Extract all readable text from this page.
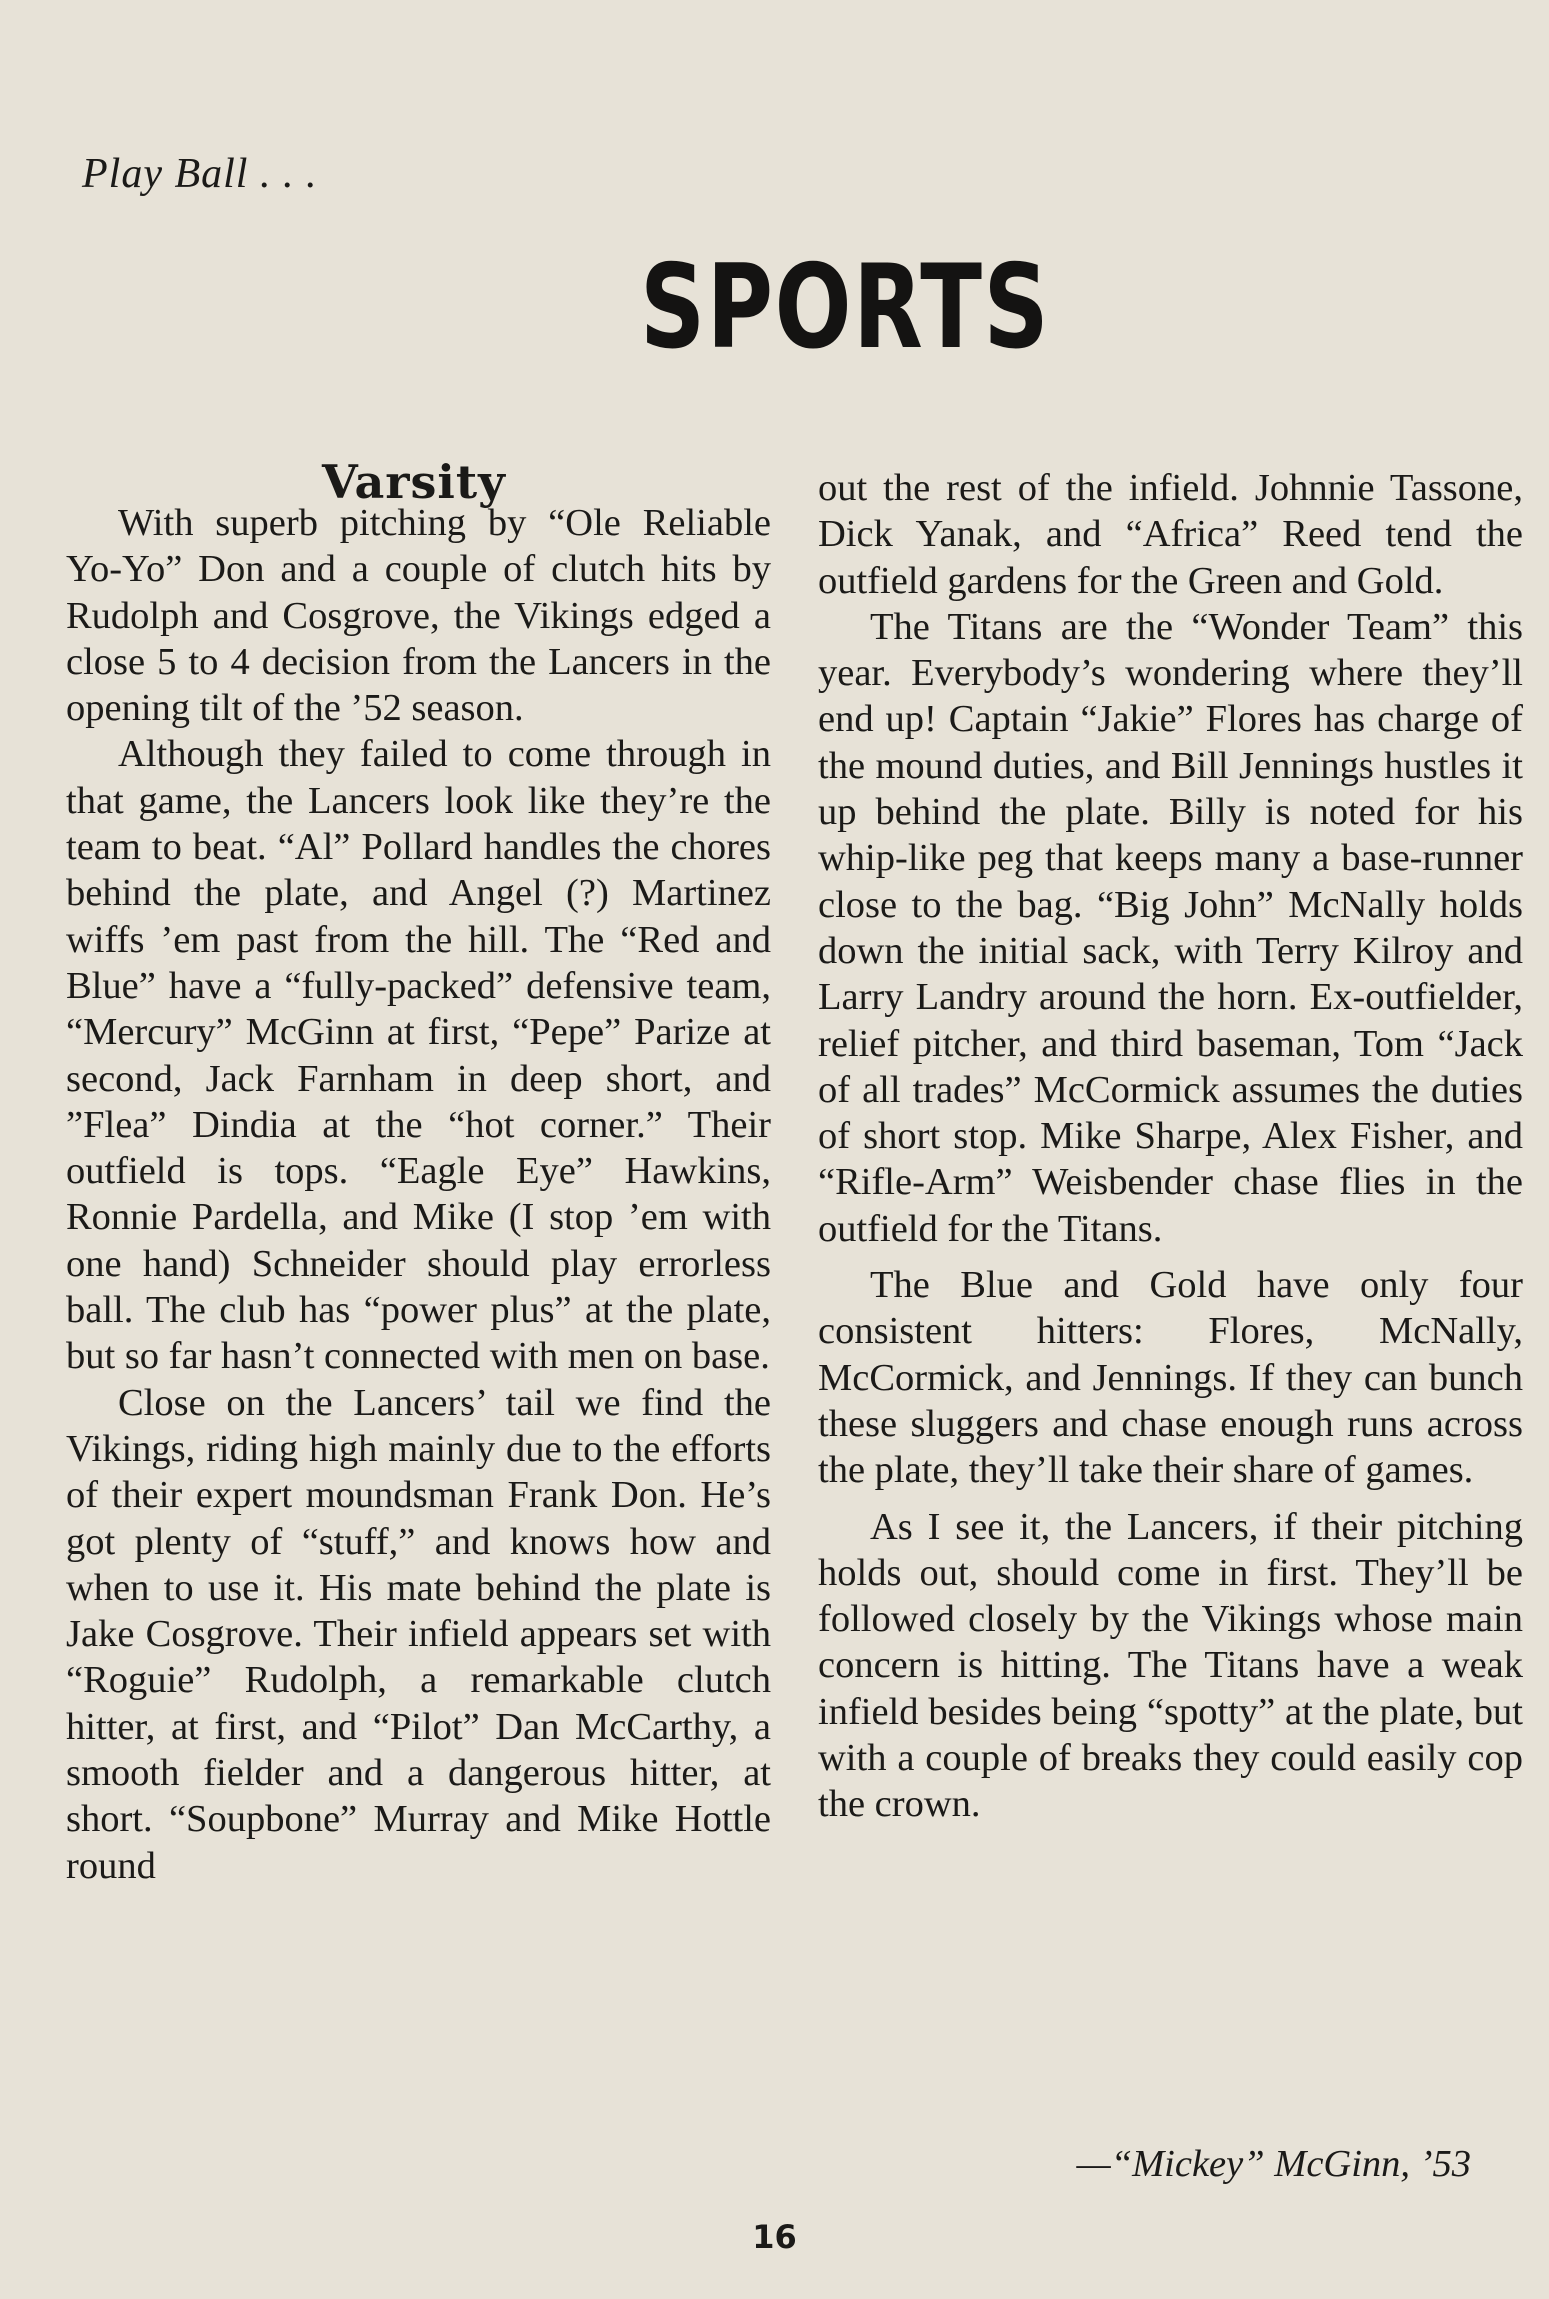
Play Ball . . .
SPORTS
Varsity

With superb pitching by “Ole Reliable Yo-Yo” Don and a couple of clutch hits by Rudolph and Cosgrove, the Vikings edged a close 5 to 4 decision from the Lancers in the opening tilt of the ’52 season.

Although they failed to come through in that game, the Lancers look like they’re the team to beat. “Al” Pollard handles the chores behind the plate, and Angel (?) Martinez wiffs ’em past from the hill. The “Red and Blue” have a “fully-packed” defensive team, “Mercury” McGinn at first, “Pepe” Parize at second, Jack Farnham in deep short, and ”Flea” Dindia at the “hot corner.” Their outfield is tops. “Eagle Eye” Hawkins, Ronnie Pardella, and Mike (I stop ’em with one hand) Schneider should play errorless ball. The club has “power plus” at the plate, but so far hasn’t connected with men on base.

Close on the Lancers’ tail we find the Vikings, riding high mainly due to the efforts of their expert moundsman Frank Don. He’s got plenty of “stuff,” and knows how and when to use it. His mate behind the plate is Jake Cosgrove. Their infield appears set with “Roguie” Rudolph, a remarkable clutch hitter, at first, and “Pilot” Dan McCarthy, a smooth fielder and a dangerous hitter, at short. “Soupbone” Murray and Mike Hottle round

out the rest of the infield. Johnnie Tassone, Dick Yanak, and “Africa” Reed tend the outfield gardens for the Green and Gold.

The Titans are the “Wonder Team” this year. Everybody’s wondering where they’ll end up! Captain “Jakie” Flores has charge of the mound duties, and Bill Jennings hustles it up behind the plate. Billy is noted for his whip-like peg that keeps many a base-runner close to the bag. “Big John” McNally holds down the initial sack, with Terry Kilroy and Larry Landry around the horn. Ex-outfielder, relief pitcher, and third baseman, Tom “Jack of all trades” McCormick assumes the duties of short stop. Mike Sharpe, Alex Fisher, and “Rifle-Arm” Weisbender chase flies in the outfield for the Titans.

The Blue and Gold have only four consistent hitters: Flores, McNally, McCormick, and Jennings. If they can bunch these sluggers and chase enough runs across the plate, they’ll take their share of games.

As I see it, the Lancers, if their pitching holds out, should come in first. They’ll be followed closely by the Vikings whose main concern is hitting. The Titans have a weak infield besides being “spotty” at the plate, but with a couple of breaks they could easily cop the crown.

—“Mickey” McGinn, ’53
16
